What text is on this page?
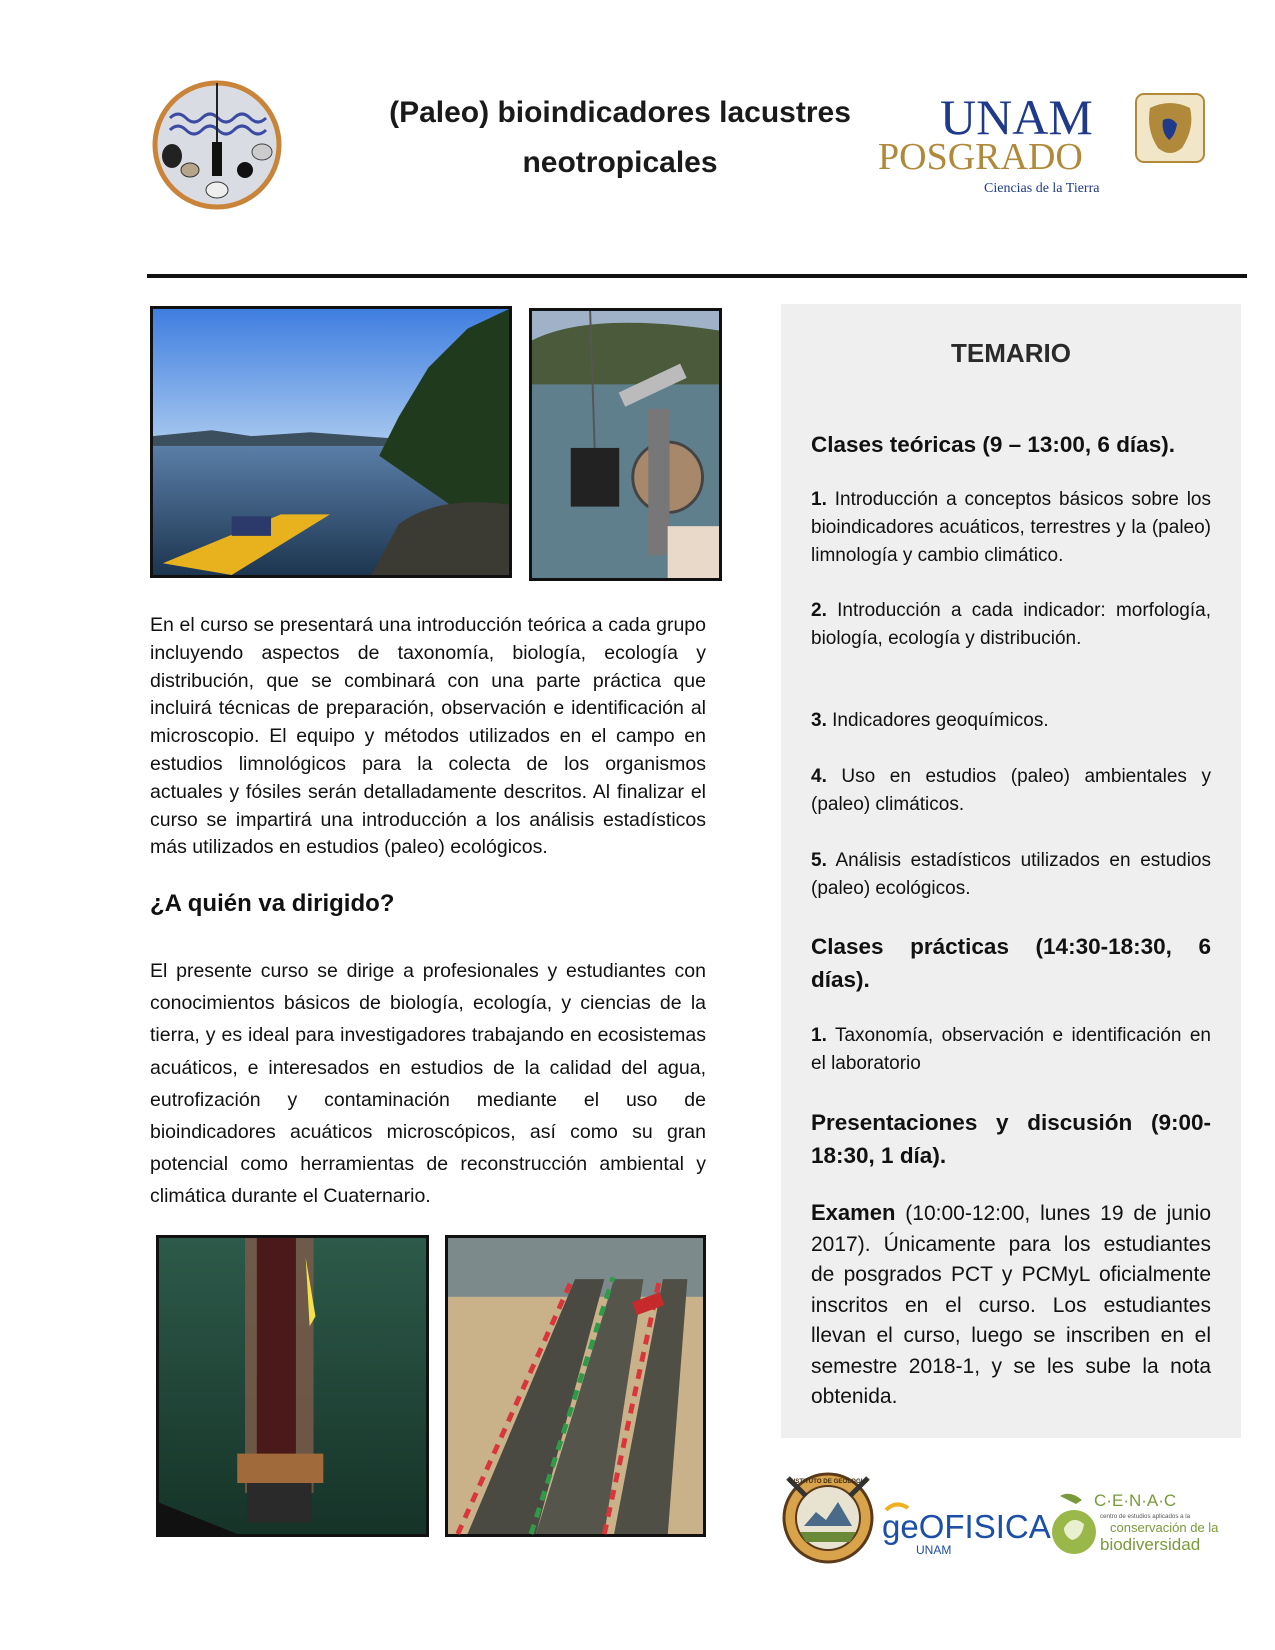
(Paleo) bioindicadores lacustres
neotropicales
UNAM
POSGRADO
Ciencias de la Tierra

En el curso se presentará una introducción teórica a cada grupo incluyendo aspectos de taxonomía, biología, ecología y distribución, que se combinará con una parte práctica que incluirá técnicas de preparación, observación e identificación al microscopio. El equipo y métodos utilizados en el campo en estudios limnológicos para la colecta de los organismos actuales y fósiles serán detalladamente descritos. Al finalizar el curso se impartirá una introducción a los análisis estadísticos más utilizados en estudios (paleo) ecológicos.

¿A quién va dirigido?

El presente curso se dirige a profesionales y estudiantes con conocimientos básicos de biología, ecología, y ciencias de la tierra, y es ideal para investigadores trabajando en ecosistemas acuáticos, e interesados en estudios de la calidad del agua, eutrofización y contaminación mediante el uso de bioindicadores acuáticos microscópicos, así como su gran potencial como herramientas de reconstrucción ambiental y climática durante el Cuaternario.

TEMARIO
Clases teóricas (9 – 13:00, 6 días).
1. Introducción a conceptos básicos sobre los bioindicadores acuáticos, terrestres y la (paleo) limnología y cambio climático.
2. Introducción a cada indicador: morfología, biología, ecología y distribución.
3. Indicadores geoquímicos.
4. Uso en estudios (paleo) ambientales y (paleo) climáticos.
5. Análisis estadísticos utilizados en estudios (paleo) ecológicos.
Clases prácticas (14:30-18:30, 6 días).
1. Taxonomía, observación e identificación en el laboratorio
Presentaciones y discusión (9:00-18:30, 1 día).
Examen (10:00-12:00, lunes 19 de junio 2017). Únicamente para los estudiantes de posgrados PCT y PCMyL oficialmente inscritos en el curso. Los estudiantes llevan el curso, luego se inscriben en el semestre 2018-1, y se les sube la nota obtenida.
INSTITUTO DE GEOLOGIA
geOFISICA
UNAM
C·E·N·A·C
centro de estudios aplicados a la
conservación de la
biodiversidad
